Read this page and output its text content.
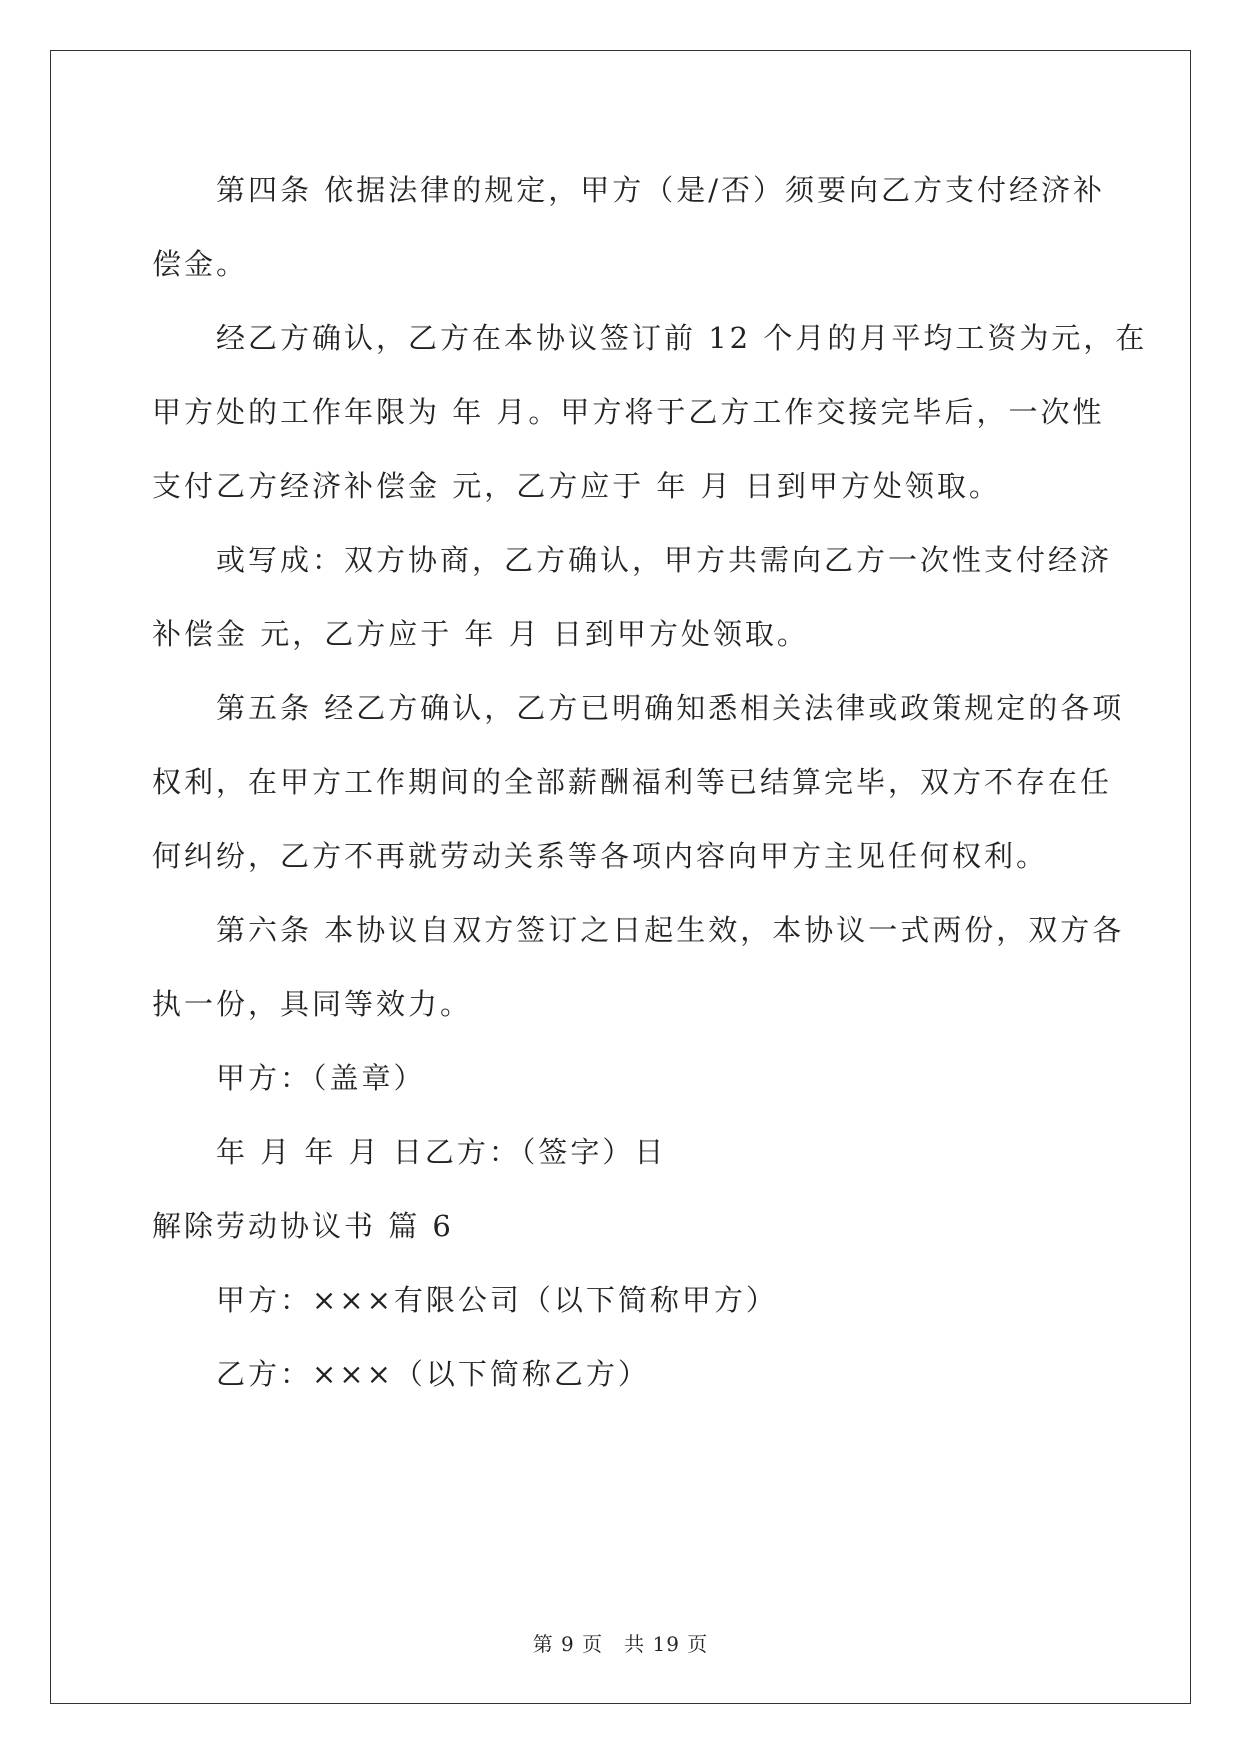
第四条 依据法律的规定，甲方（是/否）须要向乙方支付经济补
偿金。
经乙方确认，乙方在本协议签订前 12 个月的月平均工资为元，在
甲方处的工作年限为 年 月。甲方将于乙方工作交接完毕后，一次性
支付乙方经济补偿金 元，乙方应于 年 月 日到甲方处领取。
或写成：双方协商，乙方确认，甲方共需向乙方一次性支付经济
补偿金 元，乙方应于 年 月 日到甲方处领取。
第五条 经乙方确认，乙方已明确知悉相关法律或政策规定的各项
权利，在甲方工作期间的全部薪酬福利等已结算完毕，双方不存在任
何纠纷，乙方不再就劳动关系等各项内容向甲方主见任何权利。
第六条 本协议自双方签订之日起生效，本协议一式两份，双方各
执一份，具同等效力。
甲方：（盖章）
年 月 年 月 日乙方：（签字）日
解除劳动协议书 篇 6
甲方：×××有限公司（以下简称甲方）
乙方：×××（以下简称乙方）
第 9 页　共 19 页
